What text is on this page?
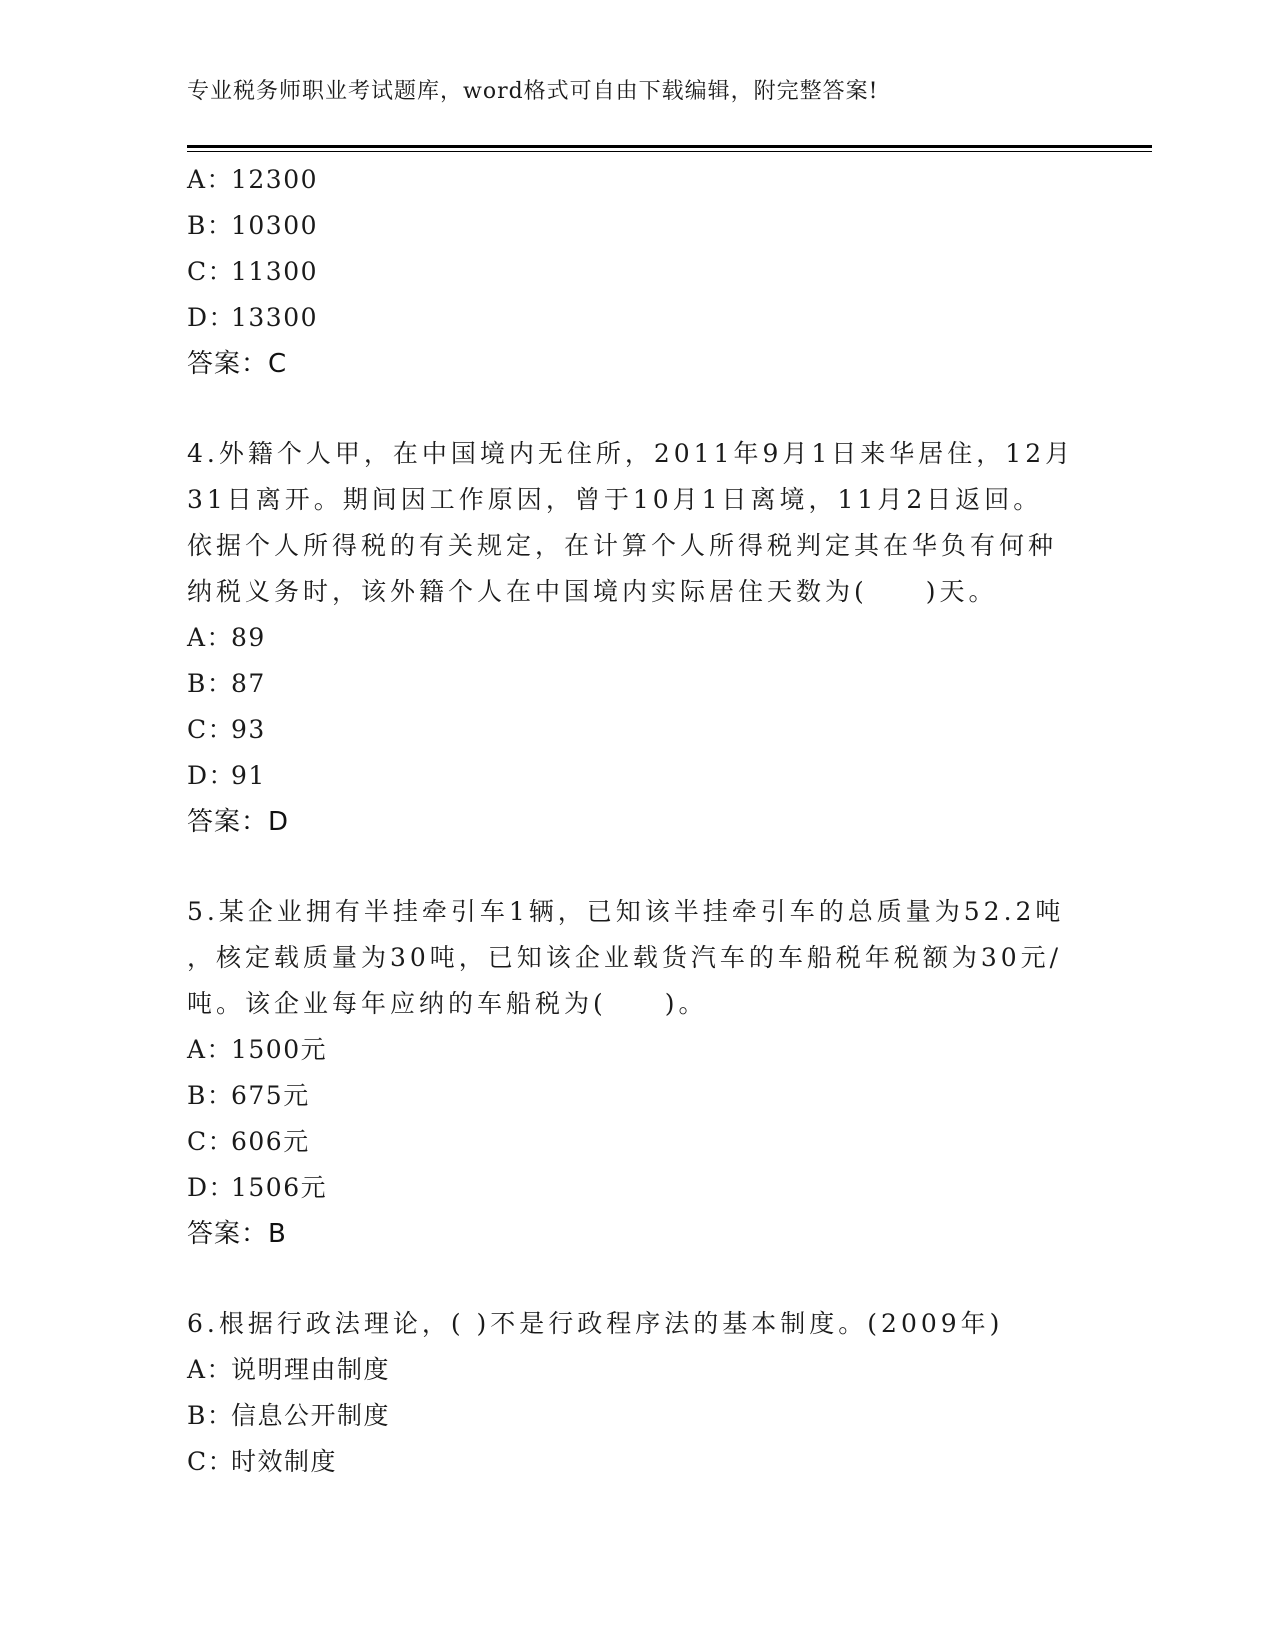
专业税务师职业考试题库，word格式可自由下载编辑，附完整答案!
A：12300
B：10300
C：11300
D：13300
答案：C
4.外籍个人甲，在中国境内无住所，2011年9月1日来华居住，12月
31日离开。期间因工作原因，曾于10月1日离境，11月2日返回。
依据个人所得税的有关规定，在计算个人所得税判定其在华负有何种
纳税义务时，该外籍个人在中国境内实际居住天数为(　　)天。
A：89
B：87
C：93
D：91
答案：D
5.某企业拥有半挂牵引车1辆，已知该半挂牵引车的总质量为52.2吨
，核定载质量为30吨，已知该企业载货汽车的车船税年税额为30元/
吨。该企业每年应纳的车船税为(　　)。
A：1500元
B：675元
C：606元
D：1506元
答案：B
6.根据行政法理论，( )不是行政程序法的基本制度。(2009年)
A：说明理由制度
B：信息公开制度
C：时效制度
